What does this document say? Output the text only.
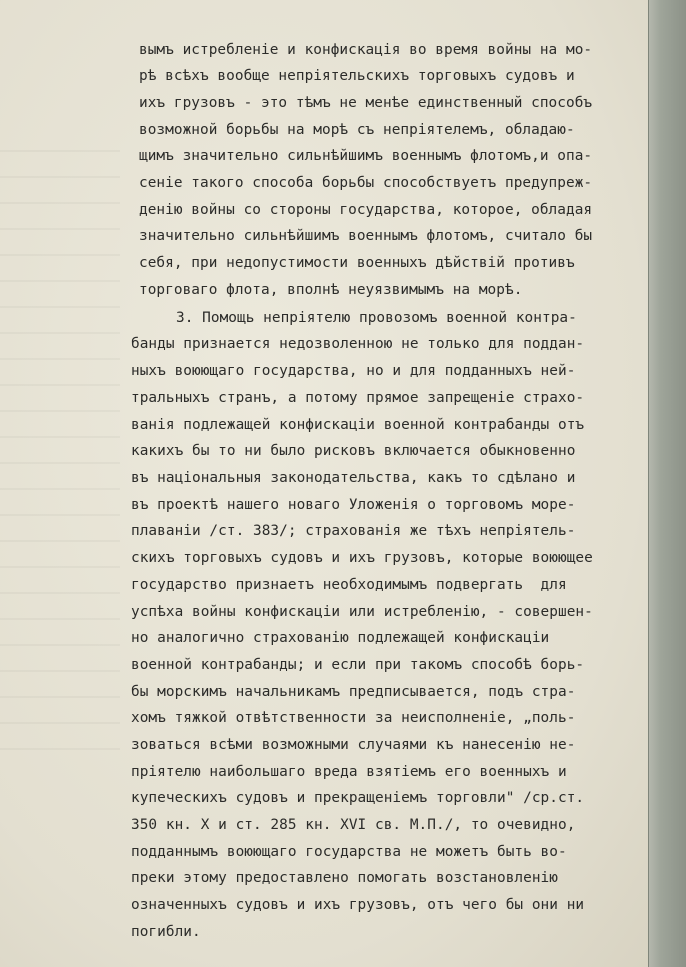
вымъ истребленіе и конфискація во время войны на мо-
рѣ всѣхъ вообще непріятельскихъ торговыхъ судовъ и
ихъ грузовъ - это тѣмъ не менѣе единственный способъ
возможной борьбы на морѣ съ непріятелемъ, обладаю-
щимъ значительно сильнѣйшимъ военнымъ флотомъ,и опа-
сеніе такого способа борьбы способствуетъ предупреж-
денію войны со стороны государства, которое, обладая
значительно сильнѣйшимъ военнымъ флотомъ, считало бы
себя, при недопустимости военныхъ дѣйствій противъ
торговаго флота, вполнѣ неуязвимымъ на морѣ.
3. Помощь непріятелю провозомъ военной контра-
банды признается недозволенною не только для поддан-
ныхъ воюющаго государства, но и для подданныхъ ней-
тральныхъ странъ, а потому прямое запрещеніе страхо-
ванія подлежащей конфискаціи военной контрабанды отъ
какихъ бы то ни было рисковъ включается обыкновенно
въ національныя законодательства, какъ то сдѣлано и
въ проектѣ нашего новаго Уложенія о торговомъ море-
плаваніи /ст. 383/; страхованія же тѣхъ непріятель-
скихъ торговыхъ судовъ и ихъ грузовъ, которые воюющее
государство признаетъ необходимымъ подвергать  для
успѣха войны конфискаціи или истребленію, - совершен-
но аналогично страхованію подлежащей конфискаціи
военной контрабанды; и если при такомъ способѣ борь-
бы морскимъ начальникамъ предписывается, подъ стра-
хомъ тяжкой отвѣтственности за неисполненіе, „поль-
зоваться всѣми возможными случаями къ нанесенію не-
пріятелю наибольшаго вреда взятіемъ его военныхъ и
купеческихъ судовъ и прекращеніемъ торговли" /ср.ст.
350 кн. Х и ст. 285 кн. XVI св. М.П./, то очевидно,
подданнымъ воюющаго государства не можетъ быть во-
преки этому предоставлено помогать возстановленію
означенныхъ судовъ и ихъ грузовъ, отъ чего бы они ни
погибли.
